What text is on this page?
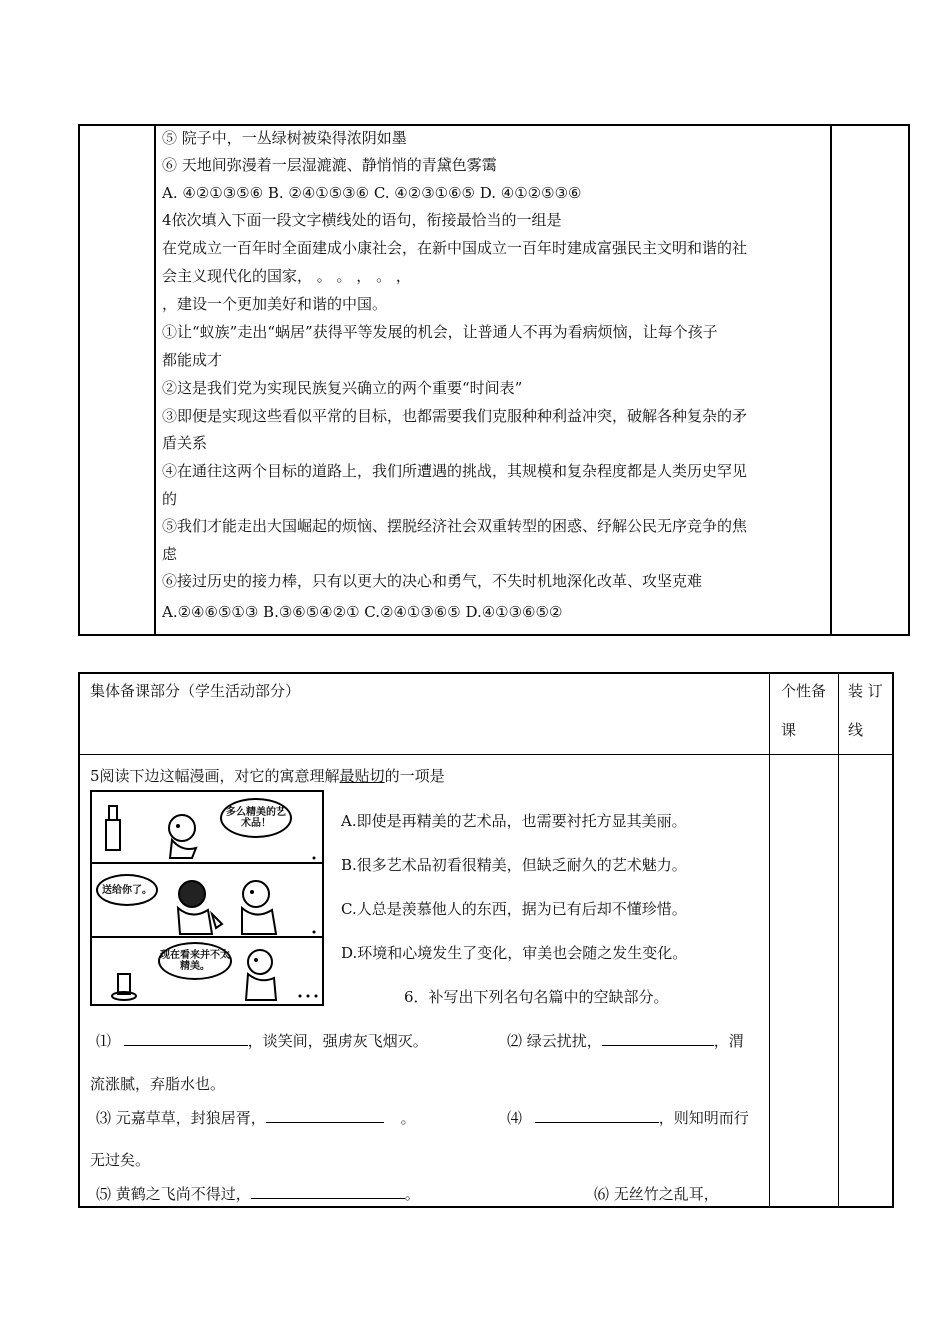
⑤ 院子中，一丛绿树被染得浓阴如墨
⑥ 天地间弥漫着一层湿漉漉、静悄悄的青黛色雾霭
A. ④②①③⑤⑥ B. ②④①⑤③⑥ C. ④②③①⑥⑤ D. ④①②⑤③⑥
4依次填入下面一段文字横线处的语句，衔接最恰当的一组是
在党成立一百年时全面建成小康社会，在新中国成立一百年时建成富强民主文明和谐的社
会主义现代化的国家， 。 。 ， 。 ，
，建设一个更加美好和谐的中国。
①让“蚁族”走出“蜗居”获得平等发展的机会，让普通人不再为看病烦恼，让每个孩子
都能成才
②这是我们党为实现民族复兴确立的两个重要“时间表”
③即便是实现这些看似平常的目标，也都需要我们克服种种利益冲突，破解各种复杂的矛
盾关系
④在通往这两个目标的道路上，我们所遭遇的挑战，其规模和复杂程度都是人类历史罕见
的
⑤我们才能走出大国崛起的烦恼、摆脱经济社会双重转型的困惑、纾解公民无序竞争的焦
虑
⑥接过历史的接力棒，只有以更大的决心和勇气，不失时机地深化改革、攻坚克难
A.②④⑥⑤①③ B.③⑥⑤④②① C.②④①③⑥⑤ D.④①③⑥⑤②
集体备课部分（学生活动部分）	个性备
课
装 订
线
5阅读下边这幅漫画，对它的寓意理解最贴切的一项是
多么精美的艺术品！
送给你了。
现在看来并不太精美。
A.即使是再精美的艺术品，也需要衬托方显其美丽。
B.很多艺术品初看很精美，但缺乏耐久的艺术魅力。
C.人总是羡慕他人的东西，据为已有后却不懂珍惜。
D.环境和心境发生了变化，审美也会随之发生变化。
6．补写出下列名句名篇中的空缺部分。
⑴	，谈笑间，强虏灰飞烟灭。	⑵ 绿云扰扰，	，渭
流涨腻，弃脂水也。
⑶ 元嘉草草，封狼居胥，	。	⑷	，则知明而行
无过矣。
⑸ 黄鹤之飞尚不得过，	。	⑹ 无丝竹之乱耳，
